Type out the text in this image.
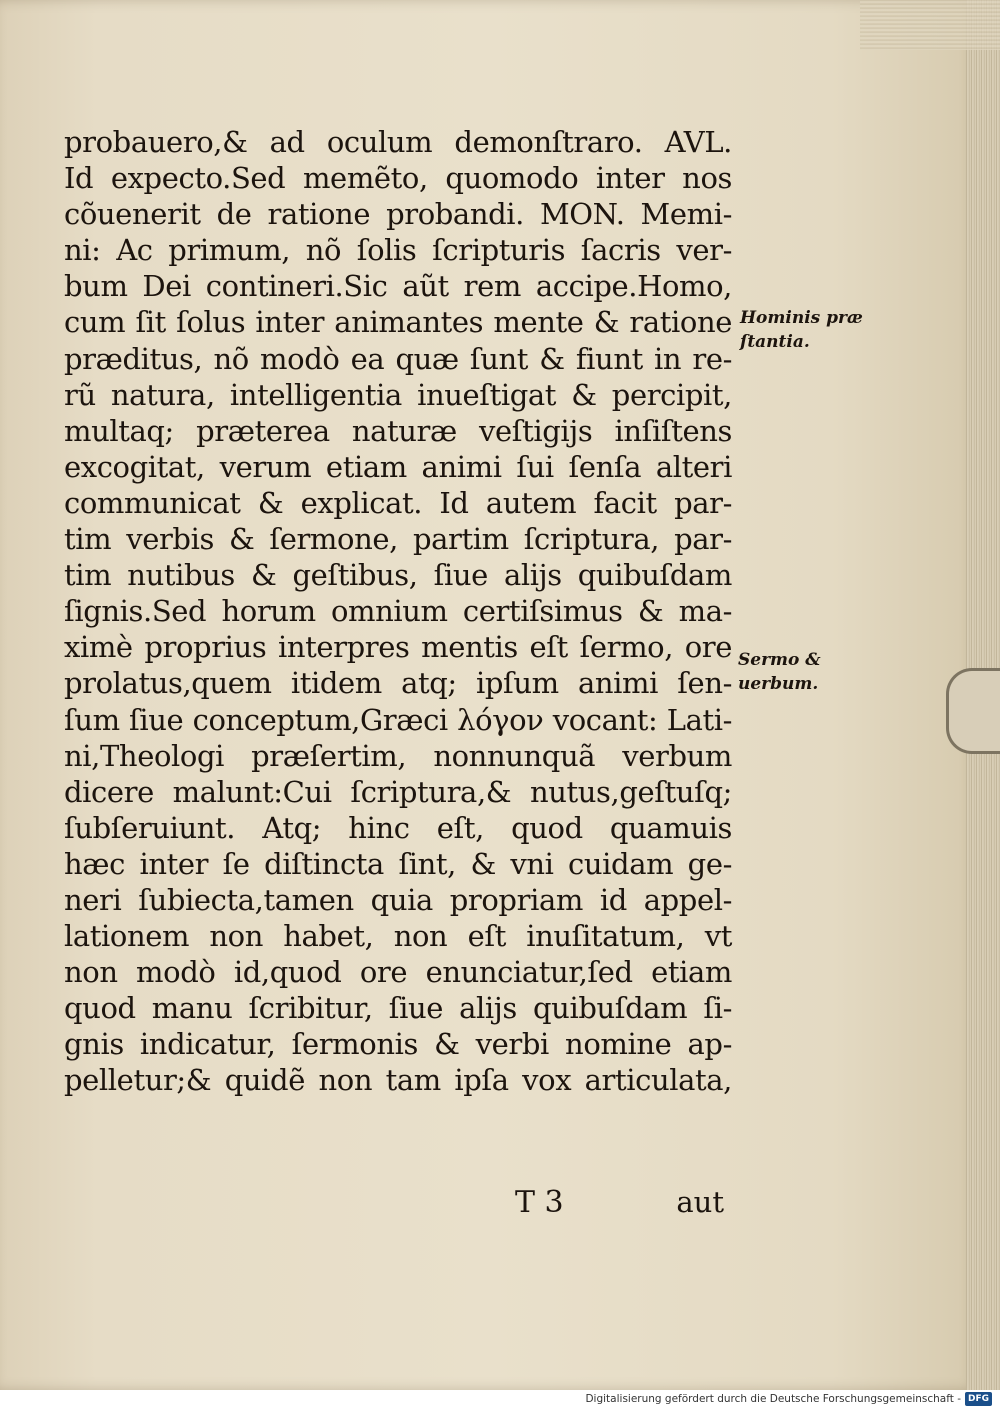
probauero,& ad oculum demonſtraro. AVL.
Id expecto.Sed memẽto, quomodo inter nos
cõuenerit de ratione probandi. MON. Memi-
ni: Ac primum, nõ ſolis ſcripturis ſacris ver-
bum Dei contineri.Sic aũt rem accipe.Homo,
cum ſit ſolus inter animantes mente & ratione
præditus, nõ modò ea quæ ſunt & fiunt in re-
rũ natura, intelligentia inueſtigat & percipit,
multaq; præterea naturæ veſtigijs inſiſtens
excogitat, verum etiam animi ſui ſenſa alteri
communicat & explicat. Id autem facit par-
tim verbis & ſermone, partim ſcriptura, par-
tim nutibus & geſtibus, ſiue alijs quibuſdam
ſignis.Sed horum omnium certiſsimus & ma-
ximè proprius interpres mentis eſt ſermo, ore
prolatus,quem itidem atq; ipſum animi ſen-
ſum ſiue conceptum,Græci λόγον vocant: Lati-
ni,Theologi præſertim, nonnunquã verbum
dicere malunt:Cui ſcriptura,& nutus,geſtuſq;
ſubſeruiunt. Atq; hinc eſt, quod quamuis
hæc inter ſe diſtincta ſint, & vni cuidam ge-
neri ſubiecta,tamen quia propriam id appel-
lationem non habet, non eſt inuſitatum, vt
non modò id,quod ore enunciatur,ſed etiam
quod manu ſcribitur, ſiue alijs quibuſdam ſi-
gnis indicatur, ſermonis & verbi nomine ap-
pelletur;& quidẽ non tam ipſa vox articulata,
Hominis præ
ſtantia.
Sermo &
uerbum.
T 3	aut
Digitalisierung gefördert durch die Deutsche Forschungsgemeinschaft - DFG
